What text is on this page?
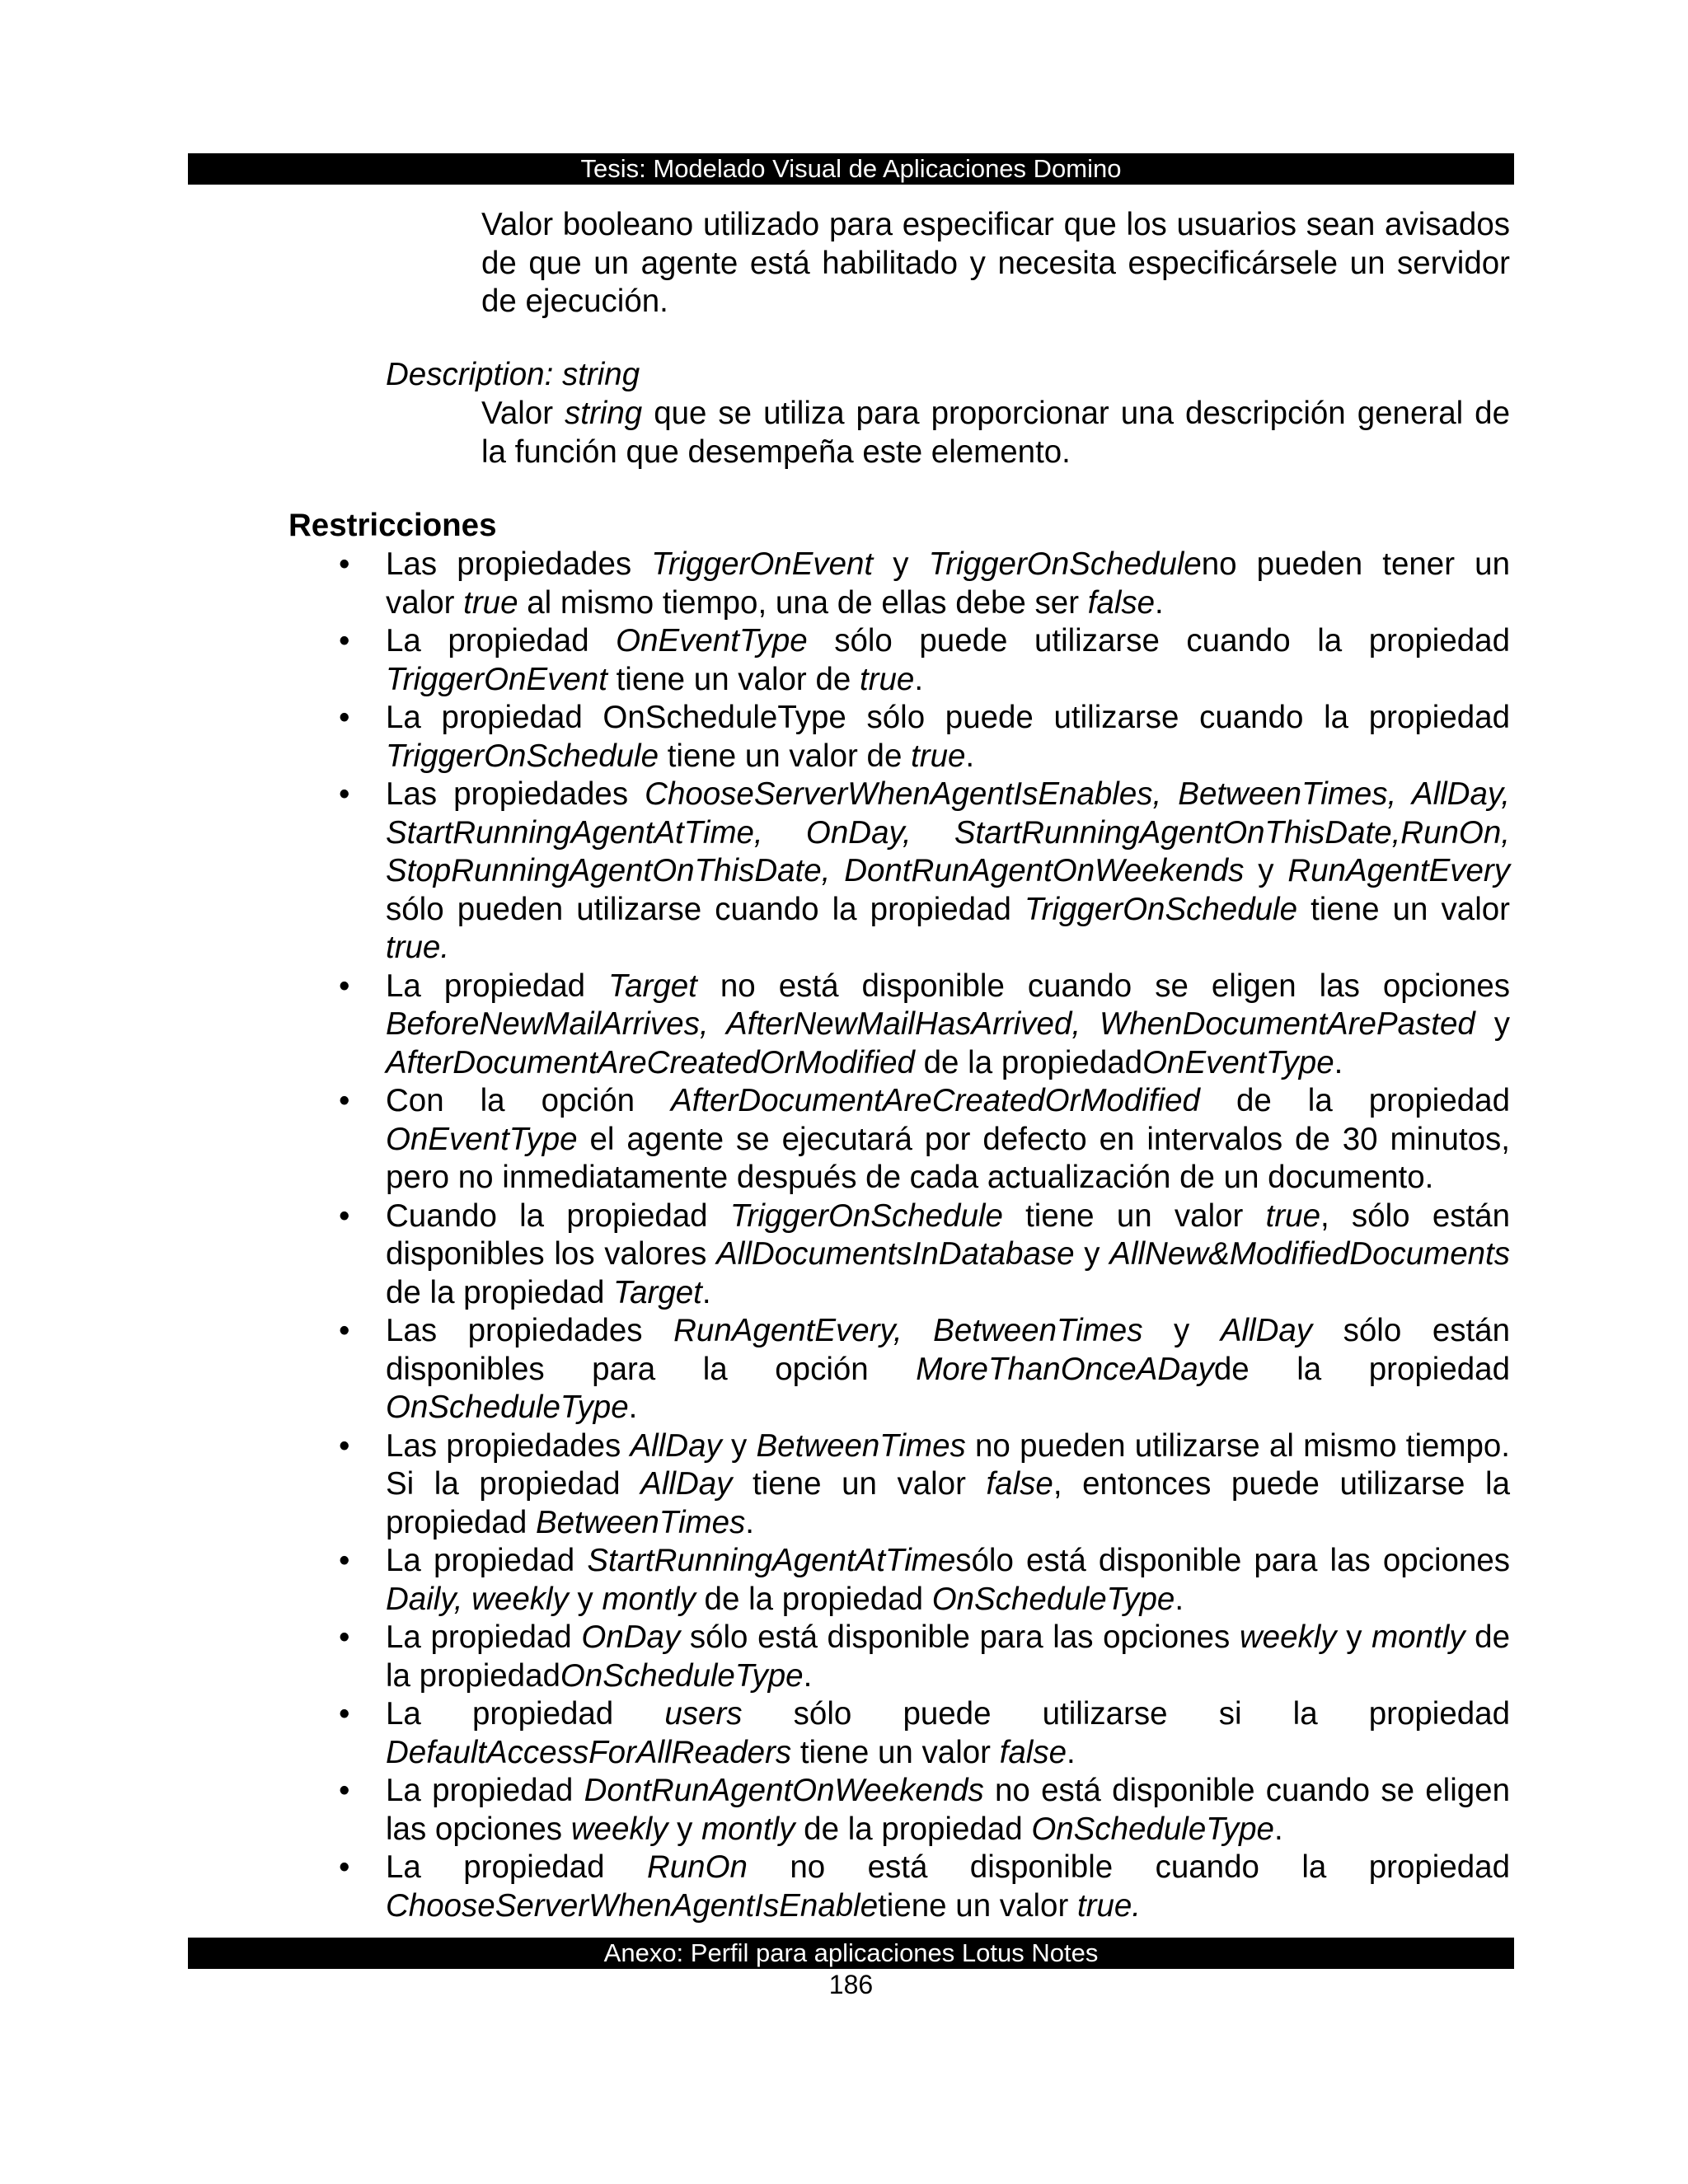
Tesis: Modelado Visual de Aplicaciones Domino

Valor booleano utilizado para especificar que los usuarios sean avisados de que un agente está habilitado y necesita especificársele un servidor de ejecución.

Description: string

Valor string que se utiliza para proporcionar una descripción general de la función que desempeña este elemento.

Restricciones
• Las propiedades TriggerOnEvent y TriggerOnScheduleno pueden tener un valor true al mismo tiempo, una de ellas debe ser false.
• La propiedad OnEventType sólo puede utilizarse cuando la propiedad TriggerOnEvent tiene un valor de true.
• La propiedad OnScheduleType sólo puede utilizarse cuando la propiedad TriggerOnSchedule tiene un valor de true.
• Las propiedades ChooseServerWhenAgentIsEnables, BetweenTimes, AllDay, StartRunningAgentAtTime, OnDay, StartRunningAgentOnThisDate,RunOn, StopRunningAgentOnThisDate, DontRunAgentOnWeekends y RunAgentEvery sólo pueden utilizarse cuando la propiedad TriggerOnSchedule tiene un valor true.
• La propiedad Target no está disponible cuando se eligen las opciones BeforeNewMailArrives, AfterNewMailHasArrived, WhenDocumentArePasted y AfterDocumentAreCreatedOrModified de la propiedadOnEventType.
• Con la opción AfterDocumentAreCreatedOrModified de la propiedad OnEventType el agente se ejecutará por defecto en intervalos de 30 minutos, pero no inmediatamente después de cada actualización de un documento.
• Cuando la propiedad TriggerOnSchedule tiene un valor true, sólo están disponibles los valores AllDocumentsInDatabase y AllNew&ModifiedDocuments de la propiedad Target.
• Las propiedades RunAgentEvery, BetweenTimes y AllDay sólo están disponibles para la opción MoreThanOnceADayde la propiedad OnScheduleType.
• Las propiedades AllDay y BetweenTimes no pueden utilizarse al mismo tiempo. Si la propiedad AllDay tiene un valor false, entonces puede utilizarse la propiedad BetweenTimes.
• La propiedad StartRunningAgentAtTimesólo está disponible para las opciones Daily, weekly y montly de la propiedad OnScheduleType.
• La propiedad OnDay sólo está disponible para las opciones weekly y montly de la propiedadOnScheduleType.
• La propiedad users sólo puede utilizarse si la propiedad DefaultAccessForAllReaders tiene un valor false.
• La propiedad DontRunAgentOnWeekends no está disponible cuando se eligen las opciones weekly y montly de la propiedad OnScheduleType.
• La propiedad RunOn no está disponible cuando la propiedad ChooseServerWhenAgentIsEnabletiene un valor true.
Anexo: Perfil para aplicaciones Lotus Notes
186
